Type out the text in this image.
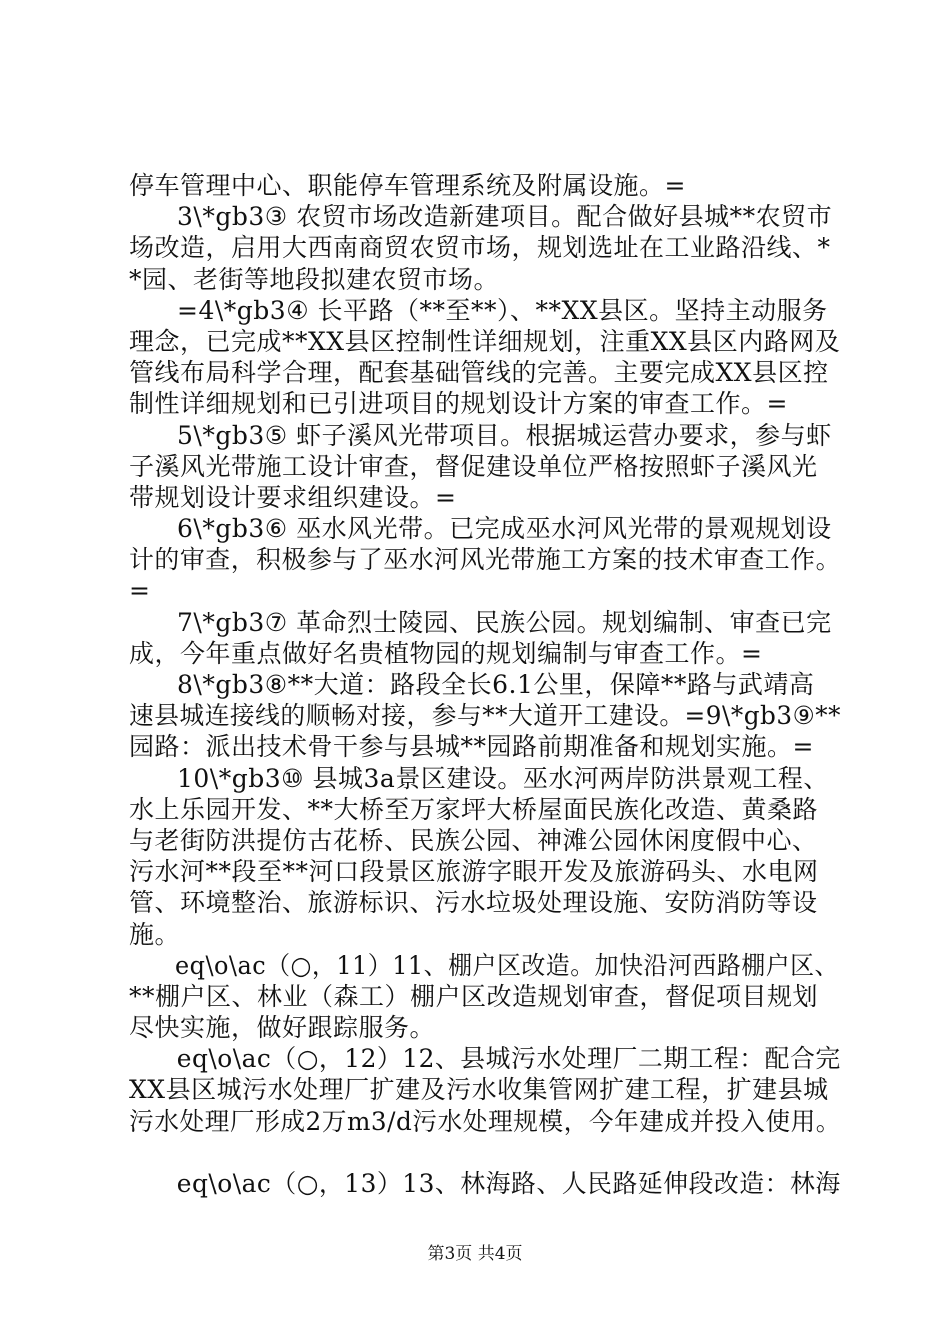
停车管理中心、职能停车管理系统及附属设施。=
3\*gb3③ 农贸市场改造新建项目。配合做好县城**农贸市
场改造，启用大西南商贸农贸市场，规划选址在工业路沿线、*
*园、老街等地段拟建农贸市场。
=4\*gb3④ 长平路（**至**）、**XX县区。坚持主动服务
理念，已完成**XX县区控制性详细规划，注重XX县区内路网及
管线布局科学合理，配套基础管线的完善。主要完成XX县区控
制性详细规划和已引进项目的规划设计方案的审查工作。=
5\*gb3⑤ 虾子溪风光带项目。根据城运营办要求，参与虾
子溪风光带施工设计审查，督促建设单位严格按照虾子溪风光
带规划设计要求组织建设。=
6\*gb3⑥ 巫水风光带。已完成巫水河风光带的景观规划设
计的审查，积极参与了巫水河风光带施工方案的技术审查工作。
=
7\*gb3⑦ 革命烈士陵园、民族公园。规划编制、审查已完
成，今年重点做好名贵植物园的规划编制与审查工作。=
8\*gb3⑧**大道：路段全长6.1公里，保障**路与武靖高
速县城连接线的顺畅对接，参与**大道开工建设。=9\*gb3⑨**
园路：派出技术骨干参与县城**园路前期准备和规划实施。=
10\*gb3⑩ 县城3a景区建设。巫水河两岸防洪景观工程、
水上乐园开发、**大桥至万家坪大桥屋面民族化改造、黄桑路
与老街防洪提仿古花桥、民族公园、神滩公园休闲度假中心、
污水河**段至**河口段景区旅游字眼开发及旅游码头、水电网
管、环境整治、旅游标识、污水垃圾处理设施、安防消防等设
施。
eq\o\ac（○，11）11、棚户区改造。加快沿河西路棚户区、
**棚户区、林业（森工）棚户区改造规划审查，督促项目规划
尽快实施，做好跟踪服务。
eq\o\ac（○，12）12、县城污水处理厂二期工程：配合完
XX县区城污水处理厂扩建及污水收集管网扩建工程，扩建县城
污水处理厂形成2万m3/d污水处理规模，今年建成并投入使用。
eq\o\ac（○，13）13、林海路、人民路延伸段改造：林海
第3页 共4页
